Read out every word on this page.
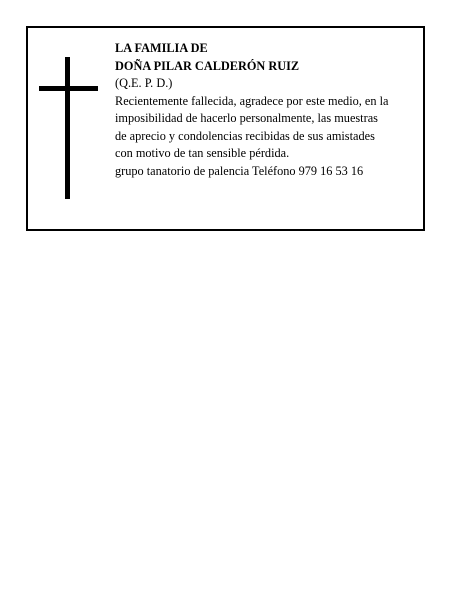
LA FAMILIA DE
DOÑA PILAR CALDERÓN RUIZ
(Q.E. P. D.)
Recientemente fallecida, agradece por este medio, en la
imposibilidad de hacerlo personalmente, las muestras
de aprecio y condolencias recibidas de sus amistades
con motivo de tan sensible pérdida.
grupo tanatorio de palencia Teléfono 979 16 53 16
